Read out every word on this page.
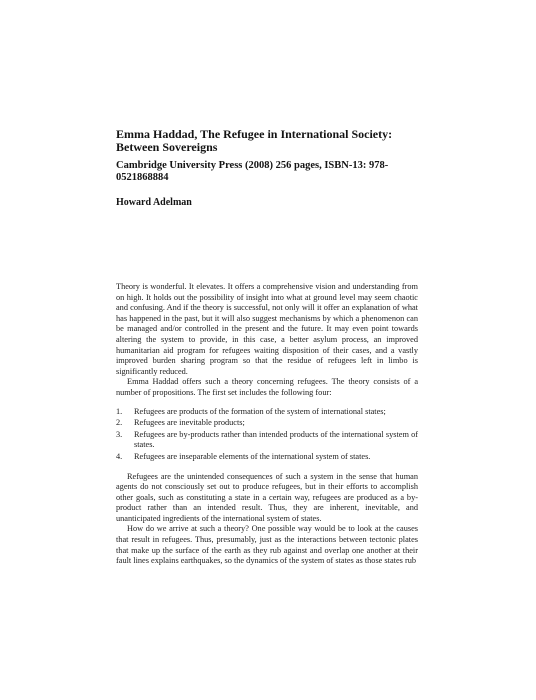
Emma Haddad, The Refugee in International Society: Between Sovereigns

Cambridge University Press (2008) 256 pages, ISBN-13: 978-0521868884

Howard Adelman

Theory is wonderful. It elevates. It offers a comprehensive vision and understanding from on high. It holds out the possibility of insight into what at ground level may seem chaotic and confusing. And if the theory is successful, not only will it offer an explanation of what has happened in the past, but it will also suggest mechanisms by which a phenomenon can be managed and/or controlled in the present and the future. It may even point towards altering the system to provide, in this case, a better asylum process, an improved humanitarian aid program for refugees waiting disposition of their cases, and a vastly improved burden sharing program so that the residue of refugees left in limbo is significantly reduced.

Emma Haddad offers such a theory concerning refugees. The theory consists of a number of propositions. The first set includes the following four:

1. Refugees are products of the formation of the system of international states;
2. Refugees are inevitable products;
3. Refugees are by-products rather than intended products of the international system of states.
4. Refugees are inseparable elements of the international system of states.

Refugees are the unintended consequences of such a system in the sense that human agents do not consciously set out to produce refugees, but in their efforts to accomplish other goals, such as constituting a state in a certain way, refugees are produced as a by-product rather than an intended result. Thus, they are inherent, inevitable, and unanticipated ingredients of the international system of states.

How do we arrive at such a theory? One possible way would be to look at the causes that result in refugees. Thus, presumably, just as the interactions between tectonic plates that make up the surface of the earth as they rub against and overlap one another at their fault lines explains earthquakes, so the dynamics of the system of states as those states rub
